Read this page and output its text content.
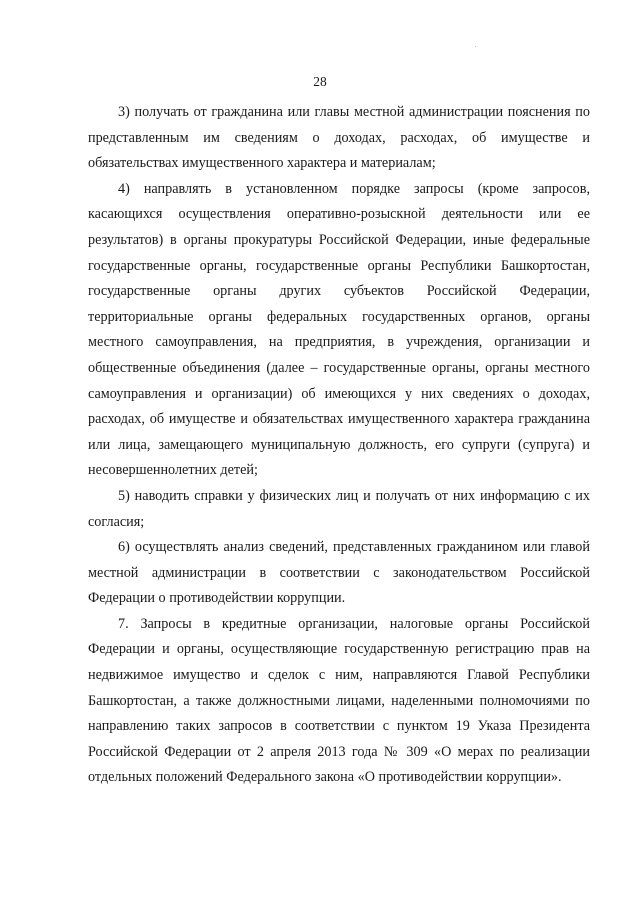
28

3) получать от гражданина или главы местной администрации пояснения по представленным им сведениям о доходах, расходах, об имуществе и обязательствах имущественного характера и материалам;

4) направлять в установленном порядке запросы (кроме запросов, касающихся осуществления оперативно-розыскной деятельности или ее результатов) в органы прокуратуры Российской Федерации, иные федеральные государственные органы, государственные органы Республики Башкортостан, государственные органы других субъектов Российской Федерации, территориальные органы федеральных государственных органов, органы местного самоуправления, на предприятия, в учреждения, организации и общественные объединения (далее – государственные органы, органы местного самоуправления и организации) об имеющихся у них сведениях о доходах, расходах, об имуществе и обязательствах имущественного характера гражданина или лица, замещающего муниципальную должность, его супруги (супруга) и несовершеннолетних детей;

5) наводить справки у физических лиц и получать от них информацию с их согласия;

6) осуществлять анализ сведений, представленных гражданином или главой местной администрации в соответствии с законодательством Российской Федерации о противодействии коррупции.

7. Запросы в кредитные организации, налоговые органы Российской Федерации и органы, осуществляющие государственную регистрацию прав на недвижимое имущество и сделок с ним, направляются Главой Республики Башкортостан, а также должностными лицами, наделенными полномочиями по направлению таких запросов в соответствии с пунктом 19 Указа Президента Российской Федерации от 2 апреля 2013 года № 309 «О мерах по реализации отдельных положений Федерального закона «О противодействии коррупции».
